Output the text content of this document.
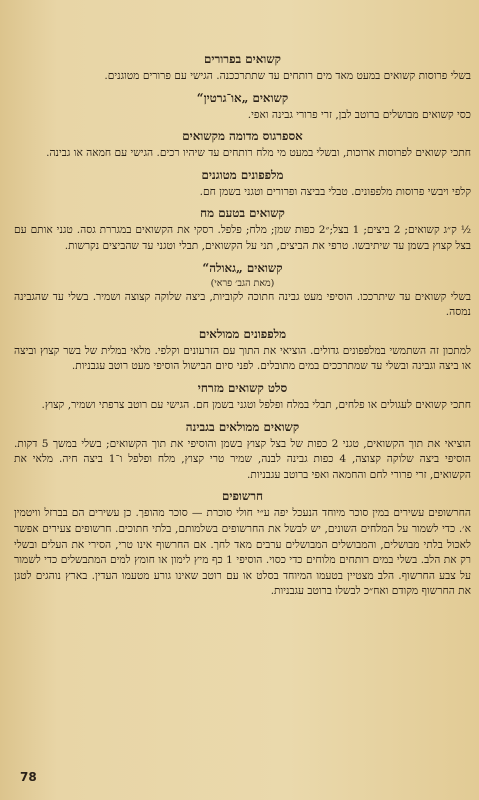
קשואים בפרורים

בשלי פרוסות קשואים במעט מאד מים רותחים עד שתתרככנה. הגישי עם פרורים מטוגנים.

קשואים „או־גרטין“

כסי קשואים מבושלים ברוטב לבן, זרי פרורי גבינה ואפי.

אספרגוס מדומה מקשואים

חתכי קשואים לפרוסות ארוכות, ובשלי במעט מי מלח רותחים עד שיהיו רכים. הגישי עם חמאה או גבינה.

מלפפונים מטוגנים

קלפי ויבשי פרוסות מלפפונים. טבלי בביצה ופרורים וטגני בשמן חם.

קשואים בטעם מח

½ ק״ג קשואים; 2 ביצים; 1 בצל;״2 כפות שמן; מלח; פלפל. רסקי את הקשואים במגררת גסה. טגני אותם עם בצל קצוץ בשמן עד שיתיבשו. טרפי את הביצים, תני על הקשואים, תבלי וטגני עד שהביצים נקרשות.

קשואים „גאולה“

(מאת הגב׳ פראי)

בשלי קשואים עד שיתרככו. הוסיפי מעט גבינה חתוכה לקוביות, ביצה שלוקה קצוצה ושמיר. בשלי עד שהגבינה נמסה.

מלפפונים ממולאים

למתכון זה השתמשי במלפפונים גדולים. הוציאי את התוך עם הזרעונים וקלפי. מלאי במלית של בשר קצוץ וביצה או ביצה וגבינה ובשלי עד שמתרככים במים מתובלים. לפני סיום הבישול הוסיפי מעט רוטב עגבניות.

סלט קשואים מזרחי

חתכי קשואים לעגולים או פלחים, תבלי במלח ופלפל וטגני בשמן חם. הגישי עם רוטב צרפתי ושמיר, קצוץ.

קשואים ממולאים בגבינה

הוציאי את תוך הקשואים, טגני 2 כפות של בצל קצוץ בשמן והוסיפי את תוך הקשואים; בשלי במשך 5 דקות. הוסיפי ביצה שלוקה קצוצה, 4 כפות גבינה לבנה, שמיר טרי קצוץ, מלח ופלפל ו־1 ביצה חיה. מלאי את הקשואים, זרי פרורי לחם והחמאה ואפי ברוטב עגבניות.

חרשופים

החרשופים עשירים במין סוכר מיוחד הנעכל יפה ע״י חולי סוכרת — סוכר מהופך. כן עשירים הם בברזל וויטמין א׳. כדי לשמור על המלחים השונים, יש לבשל את החרשופים בשלמותם, בלתי חתוכים. חרשופים צעירים אפשר לאכול בלתי מבושלים, והמבושלים המבושלים ערבים מאד לחך. אם החרשוף אינו טרי, הסירי את העלים ובשלי רק את הלב. בשלי במים רותחים מלוחים כדי כסוי. הוסיפי 1 כף מיץ לימון או חומץ למים המתבשלים כדי לשמור על צבע החרשוף. הלב מצטיין בטעמו המיוחד בסלט או עם רוטב שאינו גורע מטעמו העדין. בארץ נוהגים לטגן את החרשוף מקודם ואח״כ לבשלו ברוטב עגבניות.

78
